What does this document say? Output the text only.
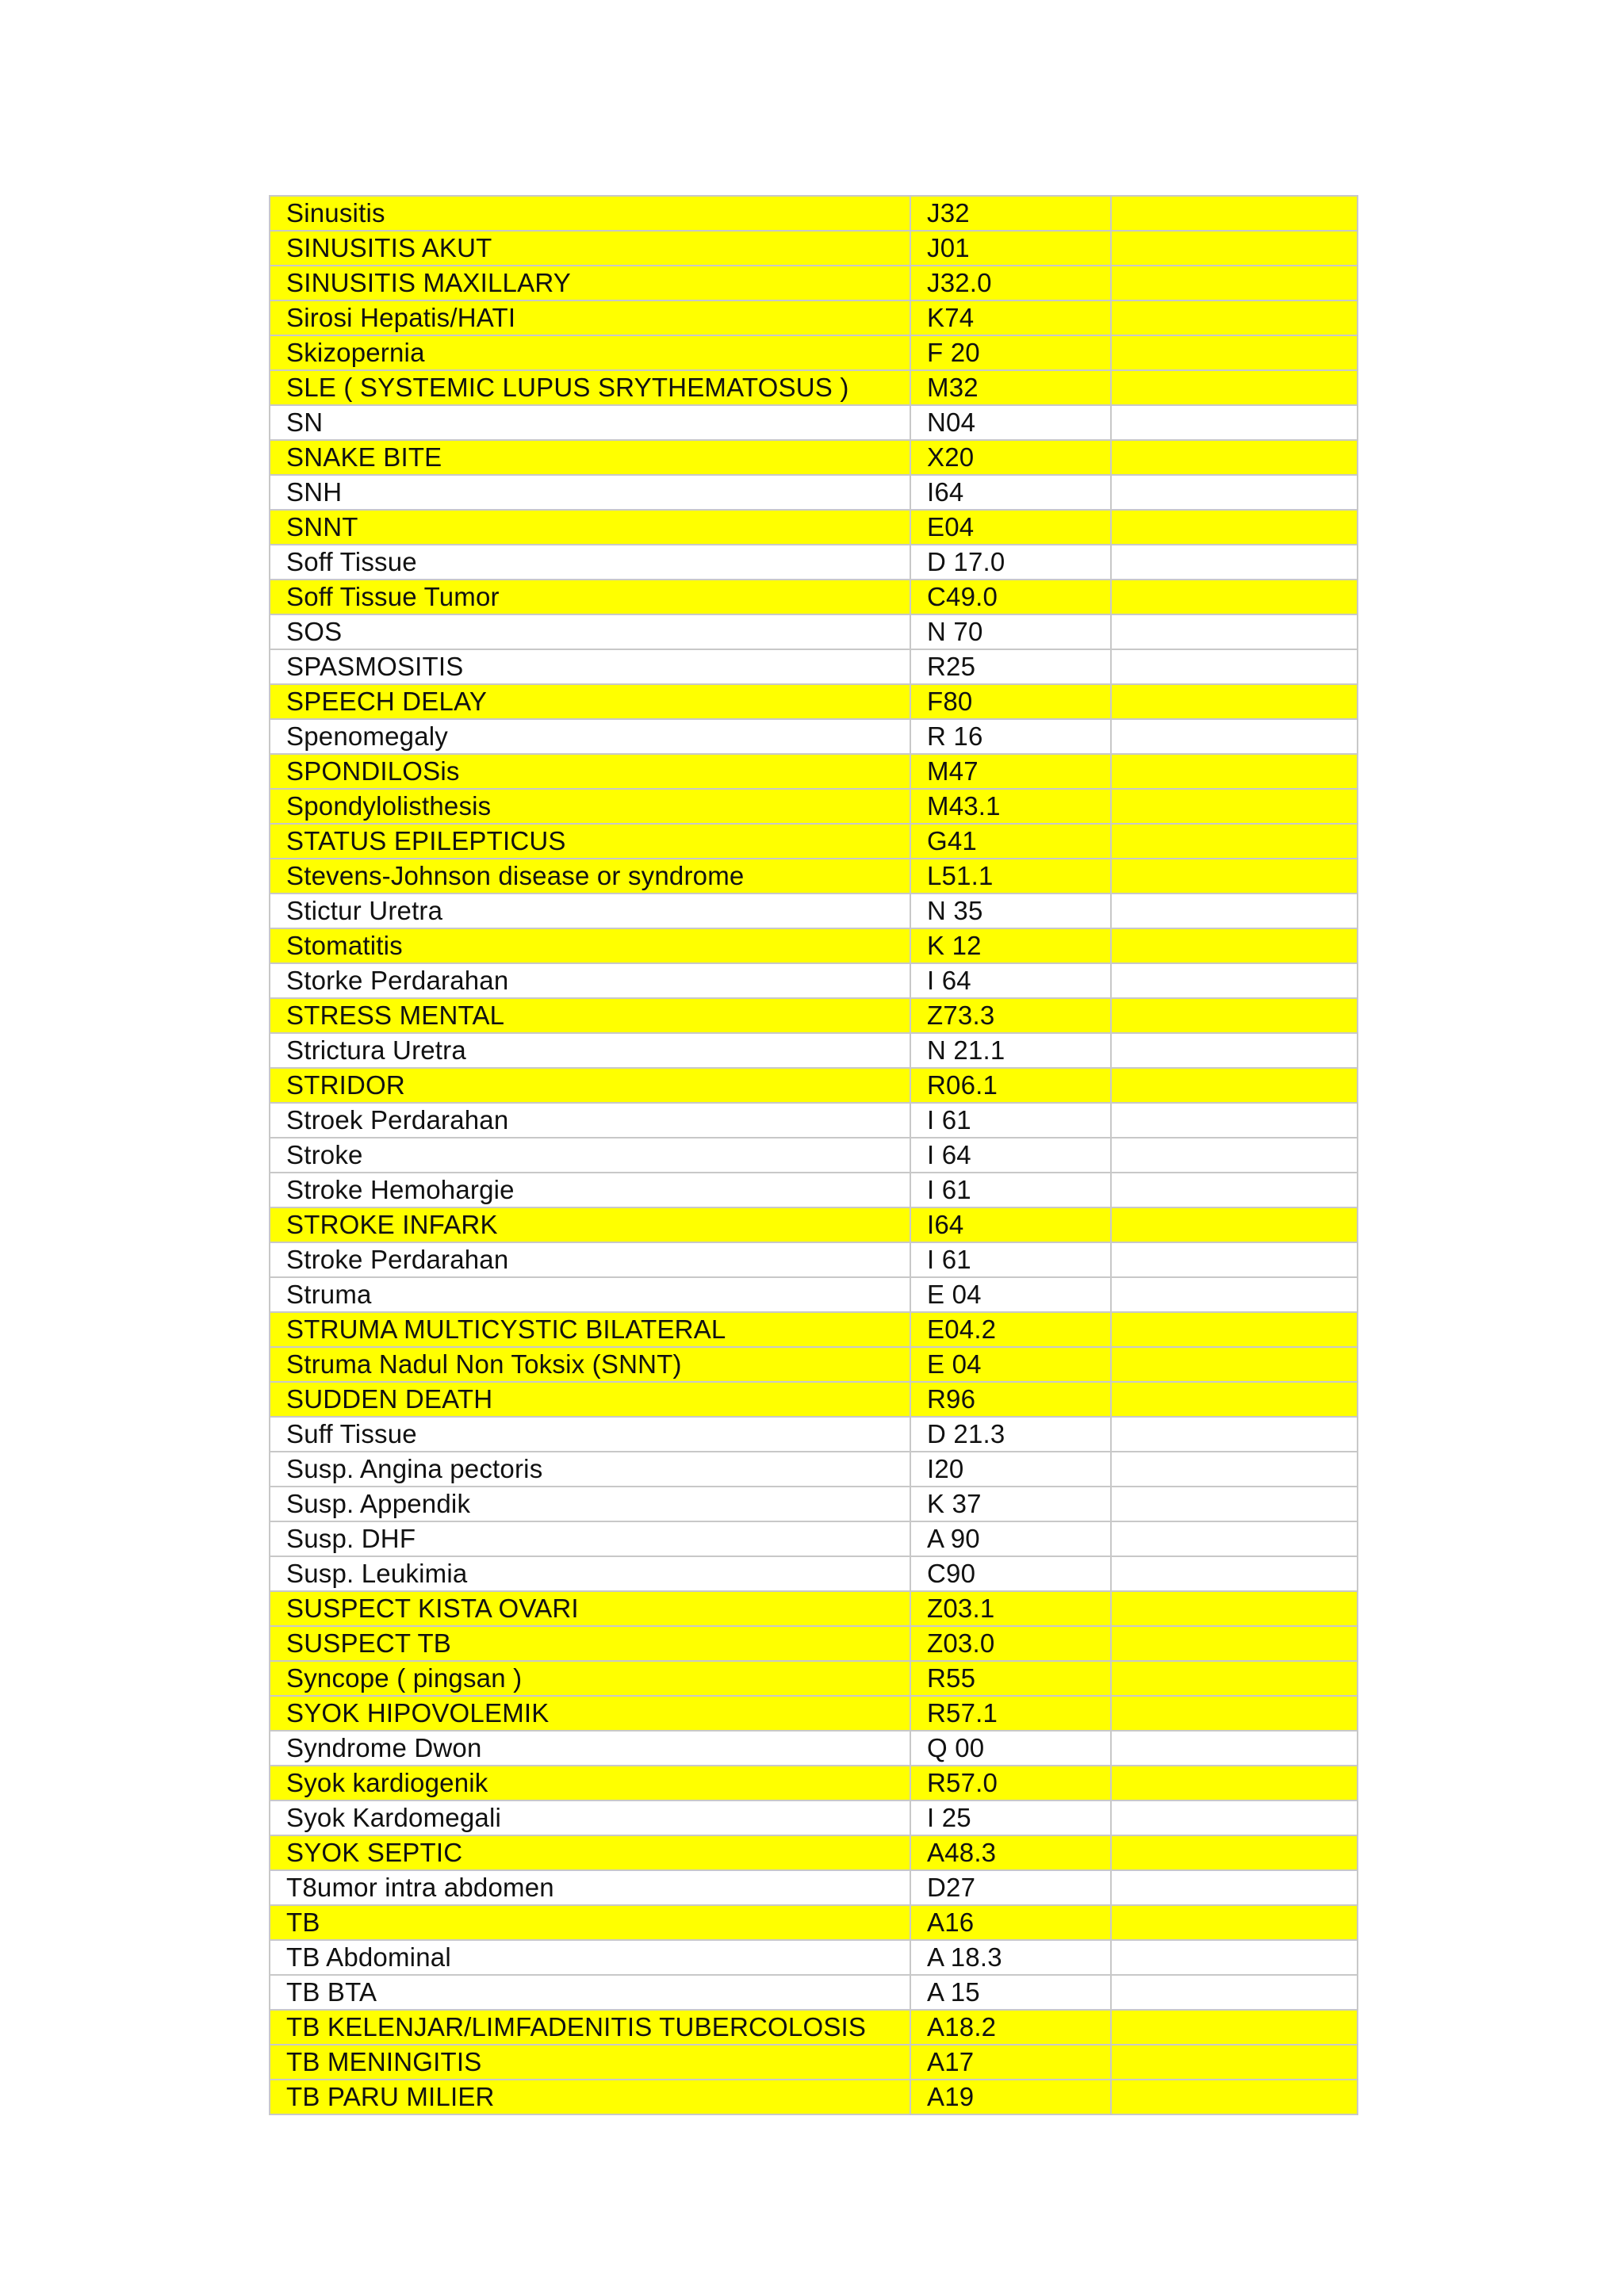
Sinusitis	J32	
SINUSITIS AKUT	J01	
SINUSITIS MAXILLARY	J32.0	
Sirosi Hepatis/HATI	K74	
Skizopernia	F 20	
SLE ( SYSTEMIC LUPUS SRYTHEMATOSUS )	M32	
SN	N04	
SNAKE BITE	X20	
SNH	I64	
SNNT	E04	
Soff Tissue	D 17.0	
Soff Tissue Tumor	C49.0	
SOS	N 70	
SPASMOSITIS	R25	
SPEECH DELAY	F80	
Spenomegaly	R 16	
SPONDILOSis	M47	
Spondylolisthesis	M43.1	
STATUS EPILEPTICUS	G41	
Stevens-Johnson disease or syndrome	L51.1	
Stictur Uretra	N 35	
Stomatitis	K 12	
Storke Perdarahan	I 64	
STRESS MENTAL	Z73.3	
Strictura Uretra	N 21.1	
STRIDOR	R06.1	
Stroek Perdarahan	I 61	
Stroke	I 64	
Stroke Hemohargie	I 61	
STROKE INFARK	I64	
Stroke Perdarahan	I 61	
Struma	E 04	
STRUMA MULTICYSTIC BILATERAL	E04.2	
Struma Nadul Non Toksix (SNNT)	E 04	
SUDDEN DEATH	R96	
Suff Tissue	D 21.3	
Susp. Angina pectoris	I20	
Susp. Appendik	K 37	
Susp. DHF	A 90	
Susp. Leukimia	C90	
SUSPECT KISTA OVARI	Z03.1	
SUSPECT TB	Z03.0	
Syncope ( pingsan )	R55	
SYOK HIPOVOLEMIK	R57.1	
Syndrome Dwon	Q 00	
Syok kardiogenik	R57.0	
Syok Kardomegali	I 25	
SYOK SEPTIC	A48.3	
T8umor intra abdomen	D27	
TB	A16	
TB Abdominal	A 18.3	
TB BTA	A 15	
TB KELENJAR/LIMFADENITIS TUBERCOLOSIS	A18.2	
TB MENINGITIS	A17	
TB PARU MILIER	A19	
